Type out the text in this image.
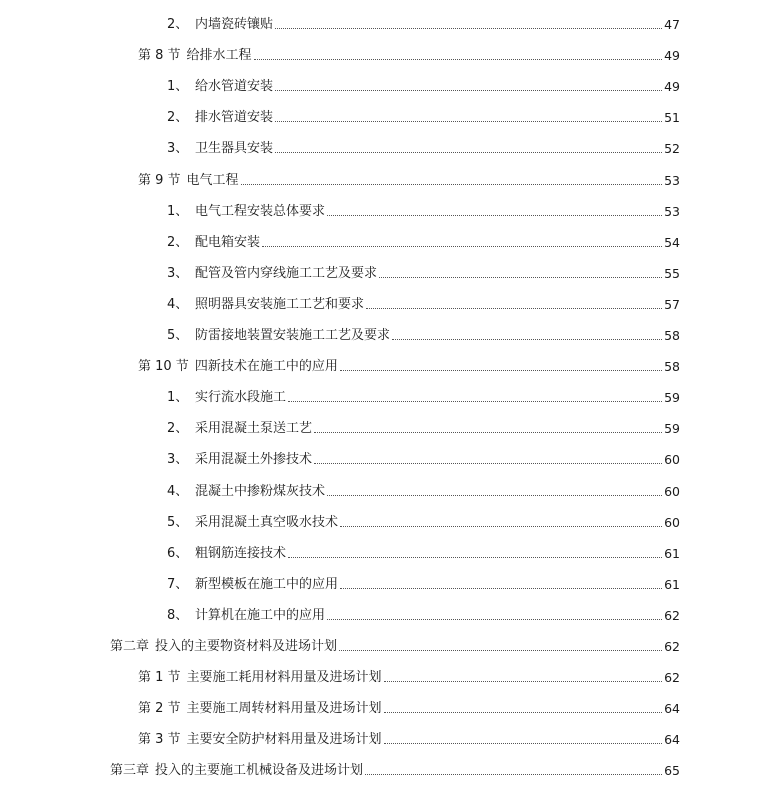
2、 内墙瓷砖镶贴	47
第 8 节 给排水工程	49
1、 给水管道安装	49
2、 排水管道安装	51
3、 卫生器具安装	52
第 9 节 电气工程	53
1、 电气工程安装总体要求	53
2、 配电箱安装	54
3、 配管及管内穿线施工工艺及要求	55
4、 照明器具安装施工工艺和要求	57
5、 防雷接地装置安装施工工艺及要求	58
第 10 节 四新技术在施工中的应用	58
1、 实行流水段施工	59
2、 采用混凝土泵送工艺	59
3、 采用混凝土外掺技术	60
4、 混凝土中掺粉煤灰技术	60
5、 采用混凝土真空吸水技术	60
6、 粗钢筋连接技术	61
7、 新型模板在施工中的应用	61
8、 计算机在施工中的应用	62
第二章 投入的主要物资材料及进场计划	62
第 1 节 主要施工耗用材料用量及进场计划	62
第 2 节 主要施工周转材料用量及进场计划	64
第 3 节 主要安全防护材料用量及进场计划	64
第三章 投入的主要施工机械设备及进场计划	65
